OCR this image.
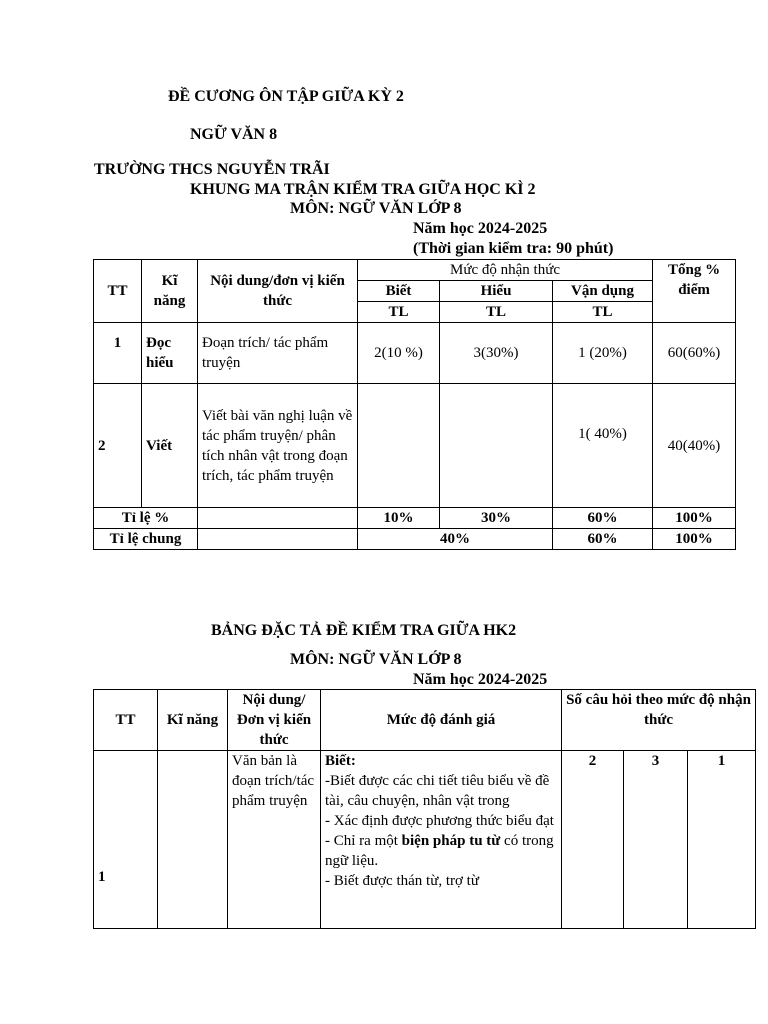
ĐỀ CƯƠNG ÔN TẬP GIỮA KỲ 2
NGỮ VĂN 8
TRƯỜNG THCS NGUYỄN TRÃI
KHUNG MA TRẬN KIỂM TRA GIỮA HỌC KÌ 2
MÔN: NGỮ VĂN LỚP 8
Năm học 2024-2025
(Thời gian kiểm tra: 90 phút)
TT	Kĩ năng	Nội dung/đơn vị kiến thức	Mức độ nhận thức			Tổng % điểm
			Biết	Hiểu	Vận dụng	
			TL	TL	TL	
1	Đọc hiểu	Đoạn trích/ tác phẩm truyện	2(10 %)	3(30%)	1 (20%)	60(60%)
2	Viết	Viết bài văn nghị luận về tác phẩm truyện/ phân tích nhân vật trong đoạn trích, tác phẩm truyện			1( 40%)	40(40%)
Tỉ lệ %			10%	30%	60%	100%
Tỉ lệ chung			40%		60%	100%
BẢNG ĐẶC TẢ ĐỀ KIỂM TRA GIỮA HK2
MÔN: NGỮ VĂN LỚP 8
Năm học 2024-2025
TT	Kĩ năng	Nội dung/Đơn vị kiến thức	Mức độ đánh giá	Số câu hỏi theo mức độ nhận thức		
1		Văn bản là đoạn trích/tác phẩm truyện	Biết:
-Biết được các chi tiết tiêu biểu về đề tài, câu chuyện, nhân vật trong
- Xác định được phương thức biểu đạt
- Chỉ ra một biện pháp tu từ có trong ngữ liệu.
- Biết được thán từ, trợ từ	2	3	1
